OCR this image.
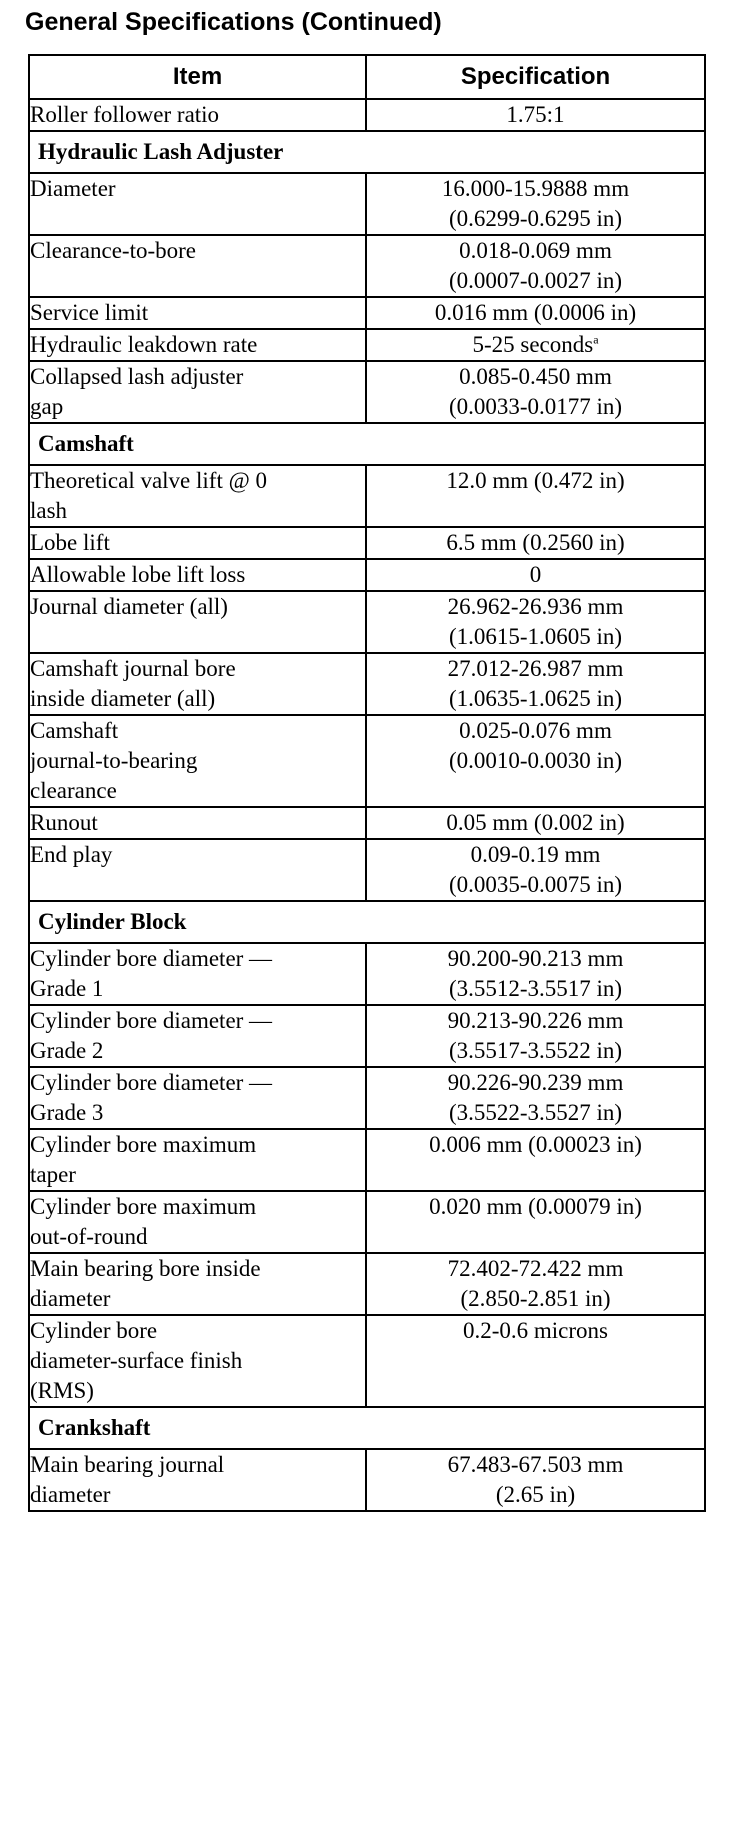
General Specifications (Continued)
Item	Specification

Roller follower ratio	1.75:1

Hydraulic Lash Adjuster	

Diameter	16.000-15.9888 mm
(0.6299-0.6295 in)

Clearance-to-bore	0.018-0.069 mm
(0.0007-0.0027 in)

Service limit	0.016 mm (0.0006 in)

Hydraulic leakdown rate	5-25 seconds$^a$

Collapsed lash adjuster
gap	0.085-0.450 mm
(0.0033-0.0177 in)

Camshaft	

Theoretical valve lift @ 0
lash	12.0 mm (0.472 in)

Lobe lift	6.5 mm (0.2560 in)

Allowable lobe lift loss	0

Journal diameter (all)	26.962-26.936 mm
(1.0615-1.0605 in)

Camshaft journal bore
inside diameter (all)	27.012-26.987 mm
(1.0635-1.0625 in)

Camshaft
journal-to-bearing
clearance	0.025-0.076 mm
(0.0010-0.0030 in)

Runout	0.05 mm (0.002 in)

End play	0.09-0.19 mm
(0.0035-0.0075 in)

Cylinder Block	

Cylinder bore diameter —
Grade 1	90.200-90.213 mm
(3.5512-3.5517 in)

Cylinder bore diameter —
Grade 2	90.213-90.226 mm
(3.5517-3.5522 in)

Cylinder bore diameter —
Grade 3	90.226-90.239 mm
(3.5522-3.5527 in)

Cylinder bore maximum
taper	0.006 mm (0.00023 in)

Cylinder bore maximum
out-of-round	0.020 mm (0.00079 in)

Main bearing bore inside
diameter	72.402-72.422 mm
(2.850-2.851 in)

Cylinder bore
diameter-surface finish
(RMS)	0.2-0.6 microns

Crankshaft	

Main bearing journal
diameter	67.483-67.503 mm
(2.65 in)
